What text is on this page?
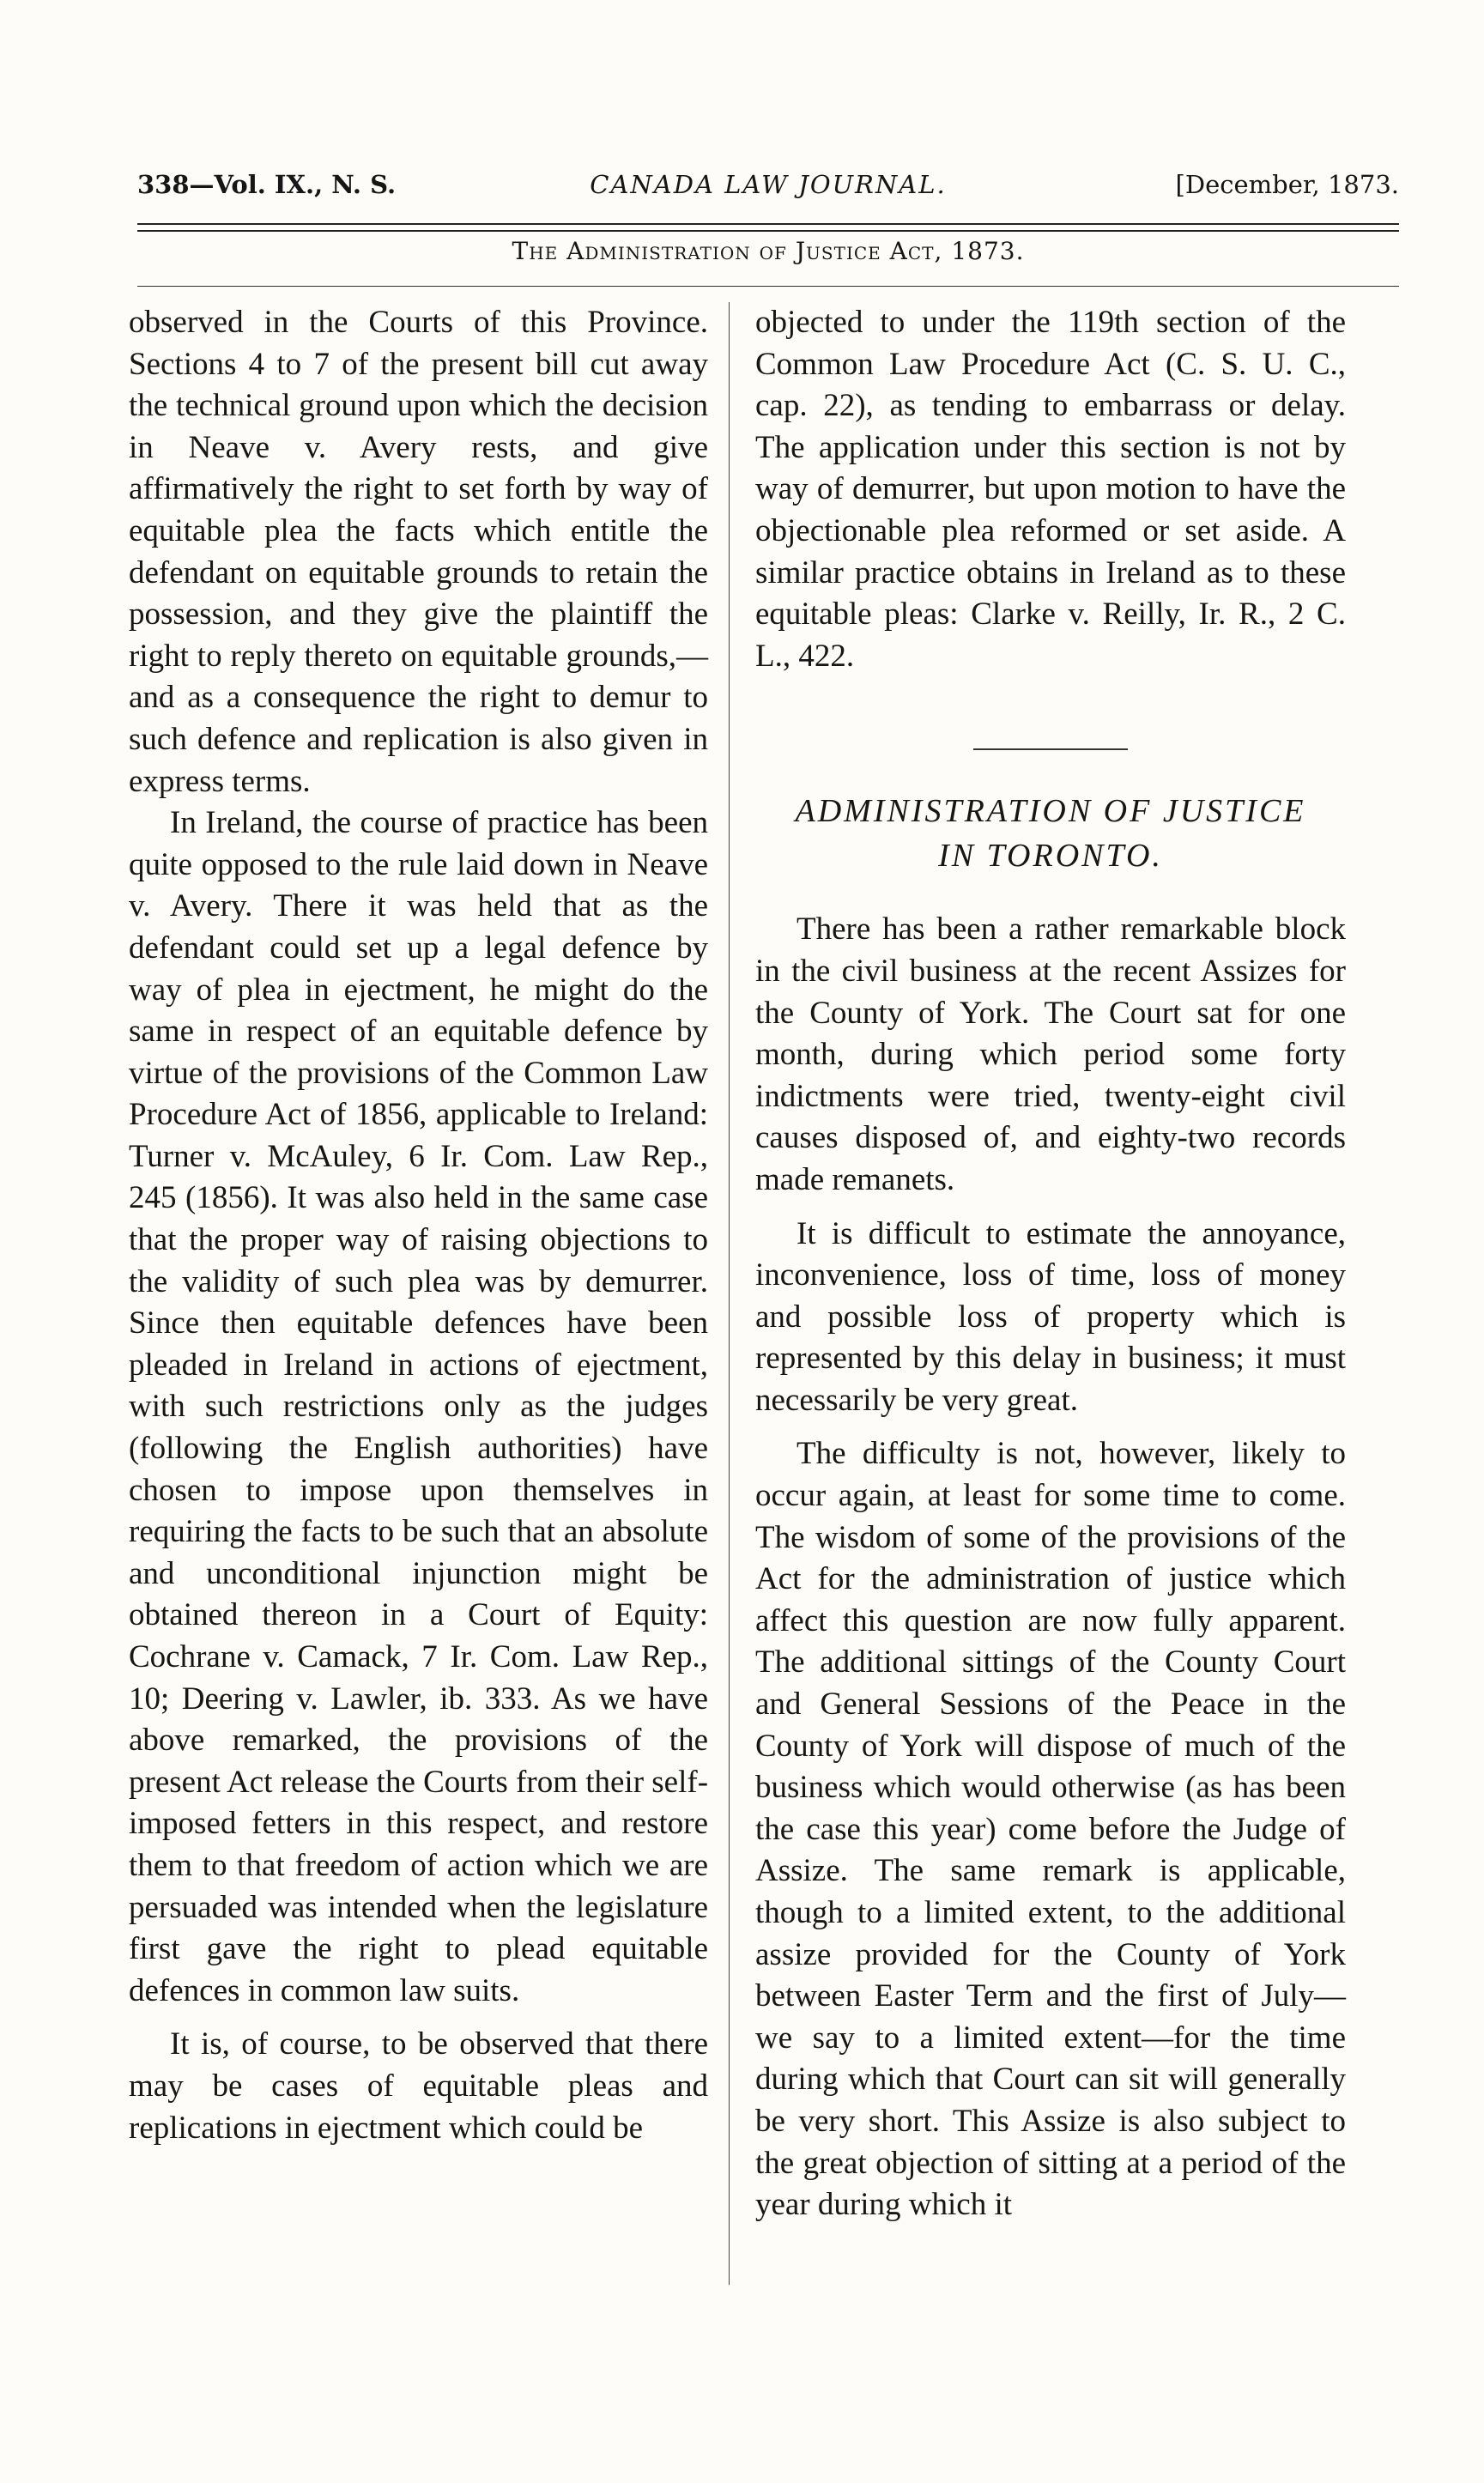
338—Vol. IX., N. S.	CANADA LAW JOURNAL.	[December, 1873.
The Administration of Justice Act, 1873.

observed in the Courts of this Province. Sections 4 to 7 of the present bill cut away the technical ground upon which the decision in Neave v. Avery rests, and give affirmatively the right to set forth by way of equitable plea the facts which entitle the defendant on equitable grounds to retain the possession, and they give the plaintiff the right to reply thereto on equitable grounds,—and as a consequence the right to demur to such defence and replication is also given in express terms.

In Ireland, the course of practice has been quite opposed to the rule laid down in Neave v. Avery. There it was held that as the defendant could set up a legal defence by way of plea in ejectment, he might do the same in respect of an equitable defence by virtue of the provisions of the Common Law Procedure Act of 1856, applicable to Ireland: Turner v. McAuley, 6 Ir. Com. Law Rep., 245 (1856). It was also held in the same case that the proper way of raising objections to the validity of such plea was by demurrer. Since then equitable defences have been pleaded in Ireland in actions of ejectment, with such restrictions only as the judges (following the English authorities) have chosen to impose upon themselves in requiring the facts to be such that an absolute and unconditional injunction might be obtained thereon in a Court of Equity: Cochrane v. Camack, 7 Ir. Com. Law Rep., 10; Deering v. Lawler, ib. 333. As we have above remarked, the provisions of the present Act release the Courts from their self-imposed fetters in this respect, and restore them to that freedom of action which we are persuaded was intended when the legislature first gave the right to plead equitable defences in common law suits.

It is, of course, to be observed that there may be cases of equitable pleas and replications in ejectment which could be

objected to under the 119th section of the Common Law Procedure Act (C. S. U. C., cap. 22), as tending to embarrass or delay. The application under this section is not by way of demurrer, but upon motion to have the objectionable plea reformed or set aside. A similar practice obtains in Ireland as to these equitable pleas: Clarke v. Reilly, Ir. R., 2 C. L., 422.

ADMINISTRATION OF JUSTICE
IN TORONTO.

There has been a rather remarkable block in the civil business at the recent Assizes for the County of York. The Court sat for one month, during which period some forty indictments were tried, twenty-eight civil causes disposed of, and eighty-two records made remanets.

It is difficult to estimate the annoyance, inconvenience, loss of time, loss of money and possible loss of property which is represented by this delay in business; it must necessarily be very great.

The difficulty is not, however, likely to occur again, at least for some time to come. The wisdom of some of the provisions of the Act for the administration of justice which affect this question are now fully apparent. The additional sittings of the County Court and General Sessions of the Peace in the County of York will dispose of much of the business which would otherwise (as has been the case this year) come before the Judge of Assize. The same remark is applicable, though to a limited extent, to the additional assize provided for the County of York between Easter Term and the first of July—we say to a limited extent—for the time during which that Court can sit will generally be very short. This Assize is also subject to the great objection of sitting at a period of the year during which it
